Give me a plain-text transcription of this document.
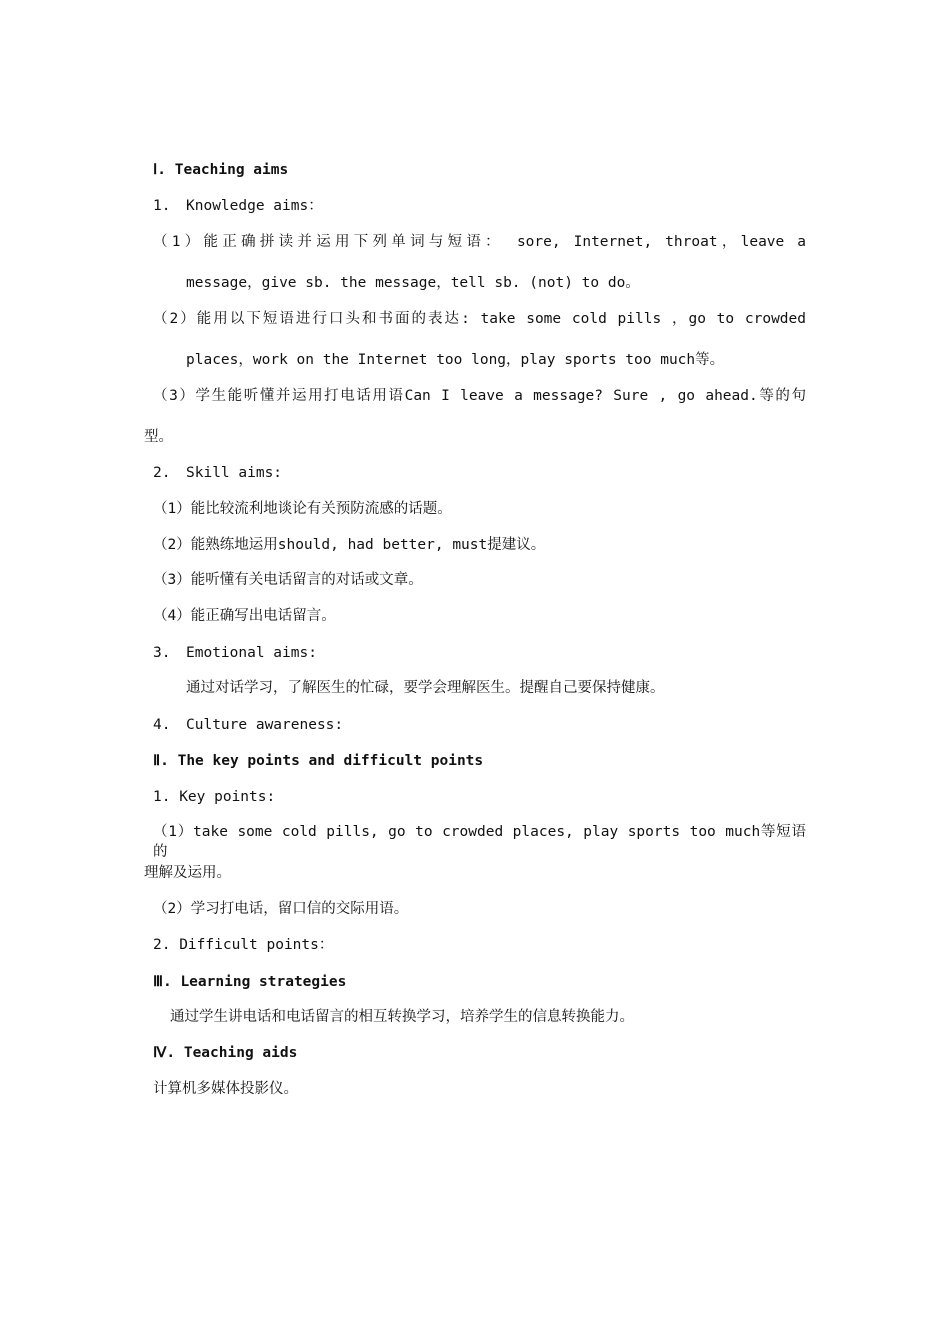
Ⅰ. Teaching aims
1. Knowledge aims：
（1）能正确拼读并运用下列单词与短语： sore, Internet, throat，leave a
message，give sb. the message，tell sb. (not) to do。
（2）能用以下短语进行口头和书面的表达: take some cold pills ，go to crowded
places，work on the Internet too long，play sports too much等。
（3）学生能听懂并运用打电话用语Can I leave a message? Sure , go ahead.等的句
型。
2. Skill aims:
（1）能比较流利地谈论有关预防流感的话题。
（2）能熟练地运用should, had better, must提建议。
（3）能听懂有关电话留言的对话或文章。
（4）能正确写出电话留言。
3. Emotional aims:
通过对话学习，了解医生的忙碌，要学会理解医生。提醒自己要保持健康。
4. Culture awareness:
Ⅱ. The key points and difficult points
1. Key points:
（1）take some cold pills, go to crowded places, play sports too much等短语的
理解及运用。
（2）学习打电话，留口信的交际用语。
2. Difficult points：
Ⅲ. Learning strategies
通过学生讲电话和电话留言的相互转换学习，培养学生的信息转换能力。
Ⅳ. Teaching aids
计算机多媒体投影仪。
